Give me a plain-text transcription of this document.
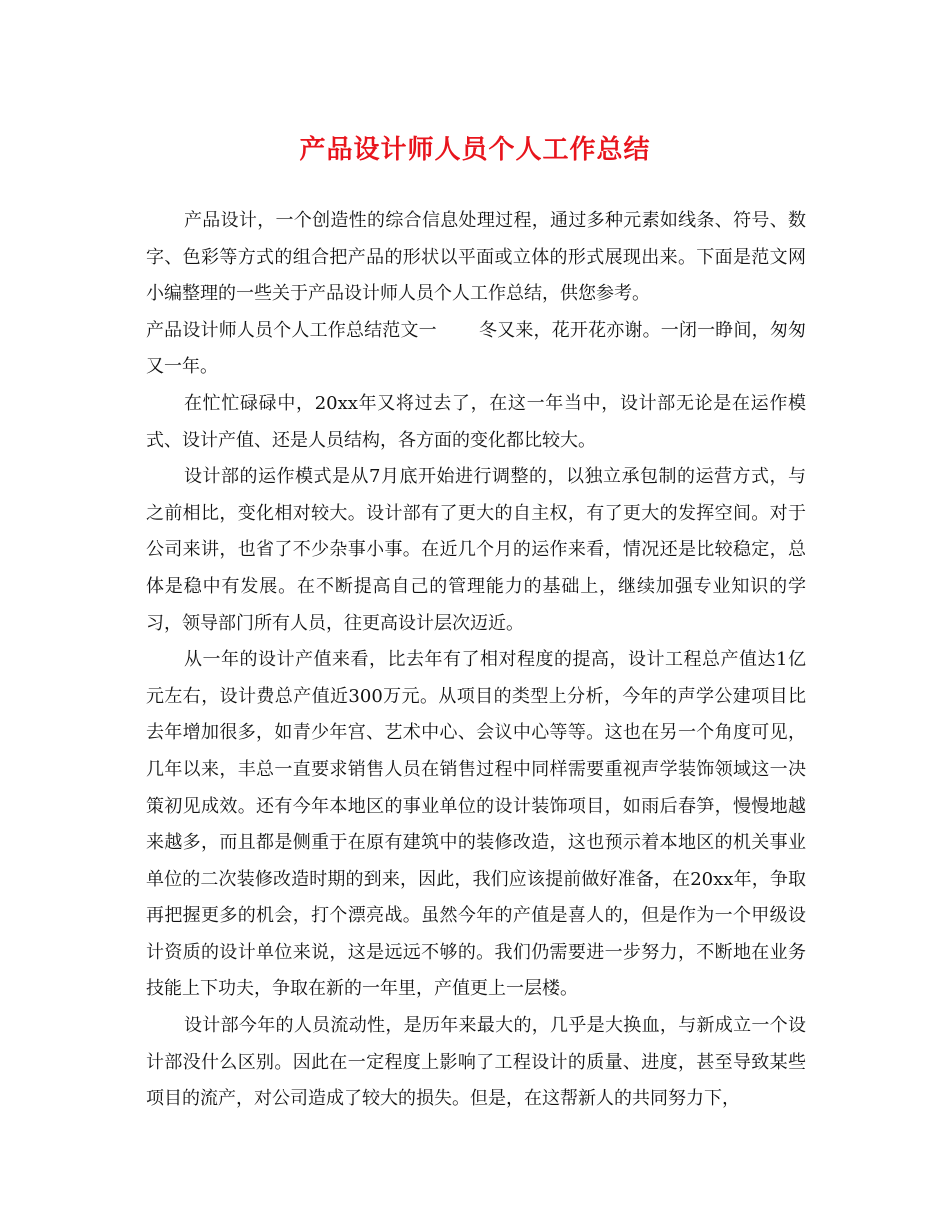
产品设计师人员个人工作总结

产品设计，一个创造性的综合信息处理过程，通过多种元素如线条、符号、数字、色彩等方式的组合把产品的形状以平面或立体的形式展现出来。下面是范文网小编整理的一些关于产品设计师人员个人工作总结，供您参考。

产品设计师人员个人工作总结范文一 冬又来，花开花亦谢。一闭一睁间，匆匆又一年。

在忙忙碌碌中，20xx年又将过去了，在这一年当中，设计部无论是在运作模式、设计产值、还是人员结构，各方面的变化都比较大。

设计部的运作模式是从7月底开始进行调整的，以独立承包制的运营方式，与之前相比，变化相对较大。设计部有了更大的自主权，有了更大的发挥空间。对于公司来讲，也省了不少杂事小事。在近几个月的运作来看，情况还是比较稳定，总体是稳中有发展。在不断提高自己的管理能力的基础上，继续加强专业知识的学习，领导部门所有人员，往更高设计层次迈近。

从一年的设计产值来看，比去年有了相对程度的提高，设计工程总产值达1亿元左右，设计费总产值近300万元。从项目的类型上分析，今年的声学公建项目比去年增加很多，如青少年宫、艺术中心、会议中心等等。这也在另一个角度可见，几年以来，丰总一直要求销售人员在销售过程中同样需要重视声学装饰领域这一决策初见成效。还有今年本地区的事业单位的设计装饰项目，如雨后春笋，慢慢地越来越多，而且都是侧重于在原有建筑中的装修改造，这也预示着本地区的机关事业单位的二次装修改造时期的到来，因此，我们应该提前做好准备，在20xx年，争取再把握更多的机会，打个漂亮战。虽然今年的产值是喜人的，但是作为一个甲级设计资质的设计单位来说，这是远远不够的。我们仍需要进一步努力，不断地在业务技能上下功夫，争取在新的一年里，产值更上一层楼。

设计部今年的人员流动性，是历年来最大的，几乎是大换血，与新成立一个设计部没什么区别。因此在一定程度上影响了工程设计的质量、进度，甚至导致某些项目的流产，对公司造成了较大的损失。但是，在这帮新人的共同努力下，
